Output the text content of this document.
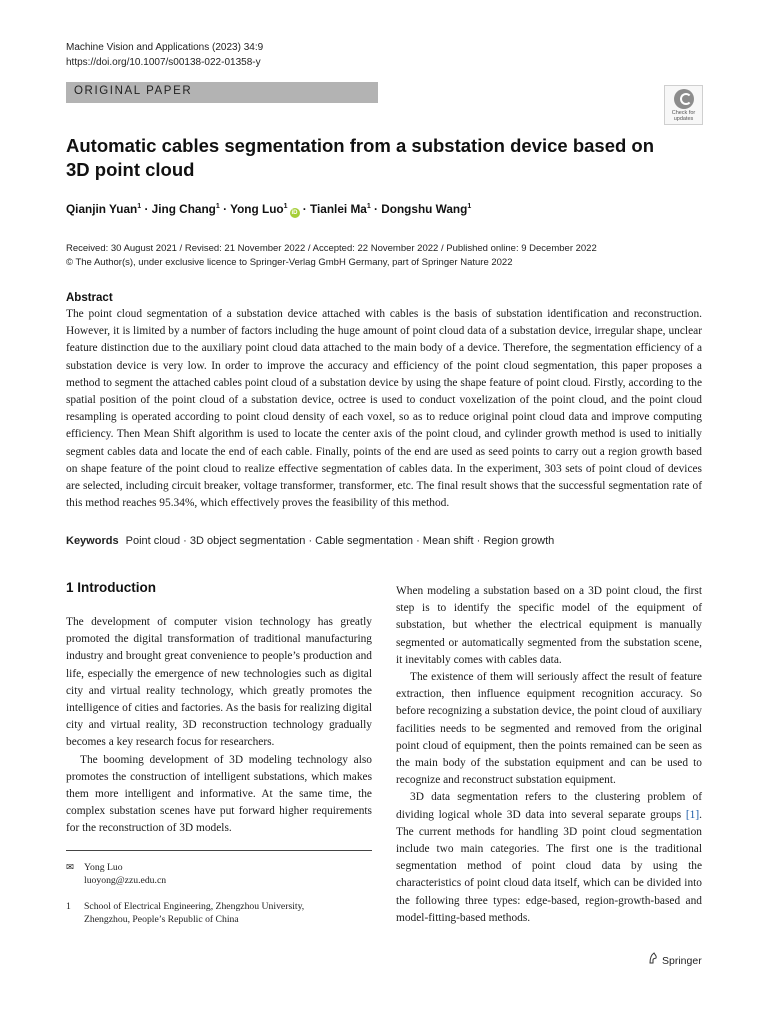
Machine Vision and Applications (2023) 34:9
https://doi.org/10.1007/s00138-022-01358-y
ORIGINAL PAPER
Check for
updates
Automatic cables segmentation from a substation device based on 3D point cloud
Qianjin Yuan$^1$ · Jing Chang$^1$ · Yong Luo$^1$iD · Tianlei $Ma^1$ · Dongshu Wang$^1$
Received: 30 August 2021 / Revised: 21 November 2022 / Accepted: 22 November 2022 / Published online: 9 December 2022
© The Author(s), under exclusive licence to Springer-Verlag GmbH Germany, part of Springer Nature 2022
Abstract
The point cloud segmentation of a substation device attached with cables is the basis of substation identification and reconstruction. However, it is limited by a number of factors including the huge amount of point cloud data of a substation device, irregular shape, unclear feature distinction due to the auxiliary point cloud data attached to the main body of a device. Therefore, the segmentation efficiency of a substation device is very low. In order to improve the accuracy and efficiency of the point cloud segmentation, this paper proposes a method to segment the attached cables point cloud of a substation device by using the shape feature of point cloud. Firstly, according to the spatial position of the point cloud of a substation device, octree is used to conduct voxelization of the point cloud, and the point cloud resampling is operated according to point cloud density of each voxel, so as to reduce original point cloud data and improve computing efficiency. Then Mean Shift algorithm is used to locate the center axis of the point cloud, and cylinder growth method is used to initially segment cables data and locate the end of each cable. Finally, points of the end are used as seed points to carry out a region growth based on shape feature of the point cloud to realize effective segmentation of cables data. In the experiment, 303 sets of point cloud of devices are selected, including circuit breaker, voltage transformer, transformer, etc. The final result shows that the successful segmentation rate of this method reaches 95.34%, which effectively proves the feasibility of this method.
Keywords Point cloud · 3D object segmentation · Cable segmentation · Mean shift · Region growth
1 Introduction

The development of computer vision technology has greatly promoted the digital transformation of traditional manufacturing industry and brought great convenience to people’s production and life, especially the emergence of new technologies such as digital city and virtual reality technology, which greatly promotes the intelligence of cities and factories. As the basis for realizing digital city and virtual reality, 3D reconstruction technology gradually becomes a key research focus for researchers.

The booming development of 3D modeling technology also promotes the construction of intelligent substations, which makes them more intelligent and informative. At the same time, the complex substation scenes have put forward higher requirements for the reconstruction of 3D models.

When modeling a substation based on a 3D point cloud, the first step is to identify the specific model of the equipment of substation, but whether the electrical equipment is manually segmented or automatically segmented from the substation scene, it inevitably comes with cables data.

The existence of them will seriously affect the result of feature extraction, then influence equipment recognition accuracy. So before recognizing a substation device, the point cloud of auxiliary facilities needs to be segmented and removed from the original point cloud of equipment, then the points remained can be seen as the main body of the substation equipment and can be used to recognize and reconstruct substation equipment.

3D data segmentation refers to the clustering problem of dividing logical whole 3D data into several separate groups [1]. The current methods for handling 3D point cloud segmentation include two main categories. The first one is the traditional segmentation method of point cloud data by using the characteristics of point cloud data itself, which can be divided into the following three types: edge-based, region-growth-based and model-fitting-based methods.

✉ Yong Luo
luoyong@zzu.edu.cn
1 School of Electrical Engineering, Zhengzhou University,
Zhengzhou, People’s Republic of China
Springer
